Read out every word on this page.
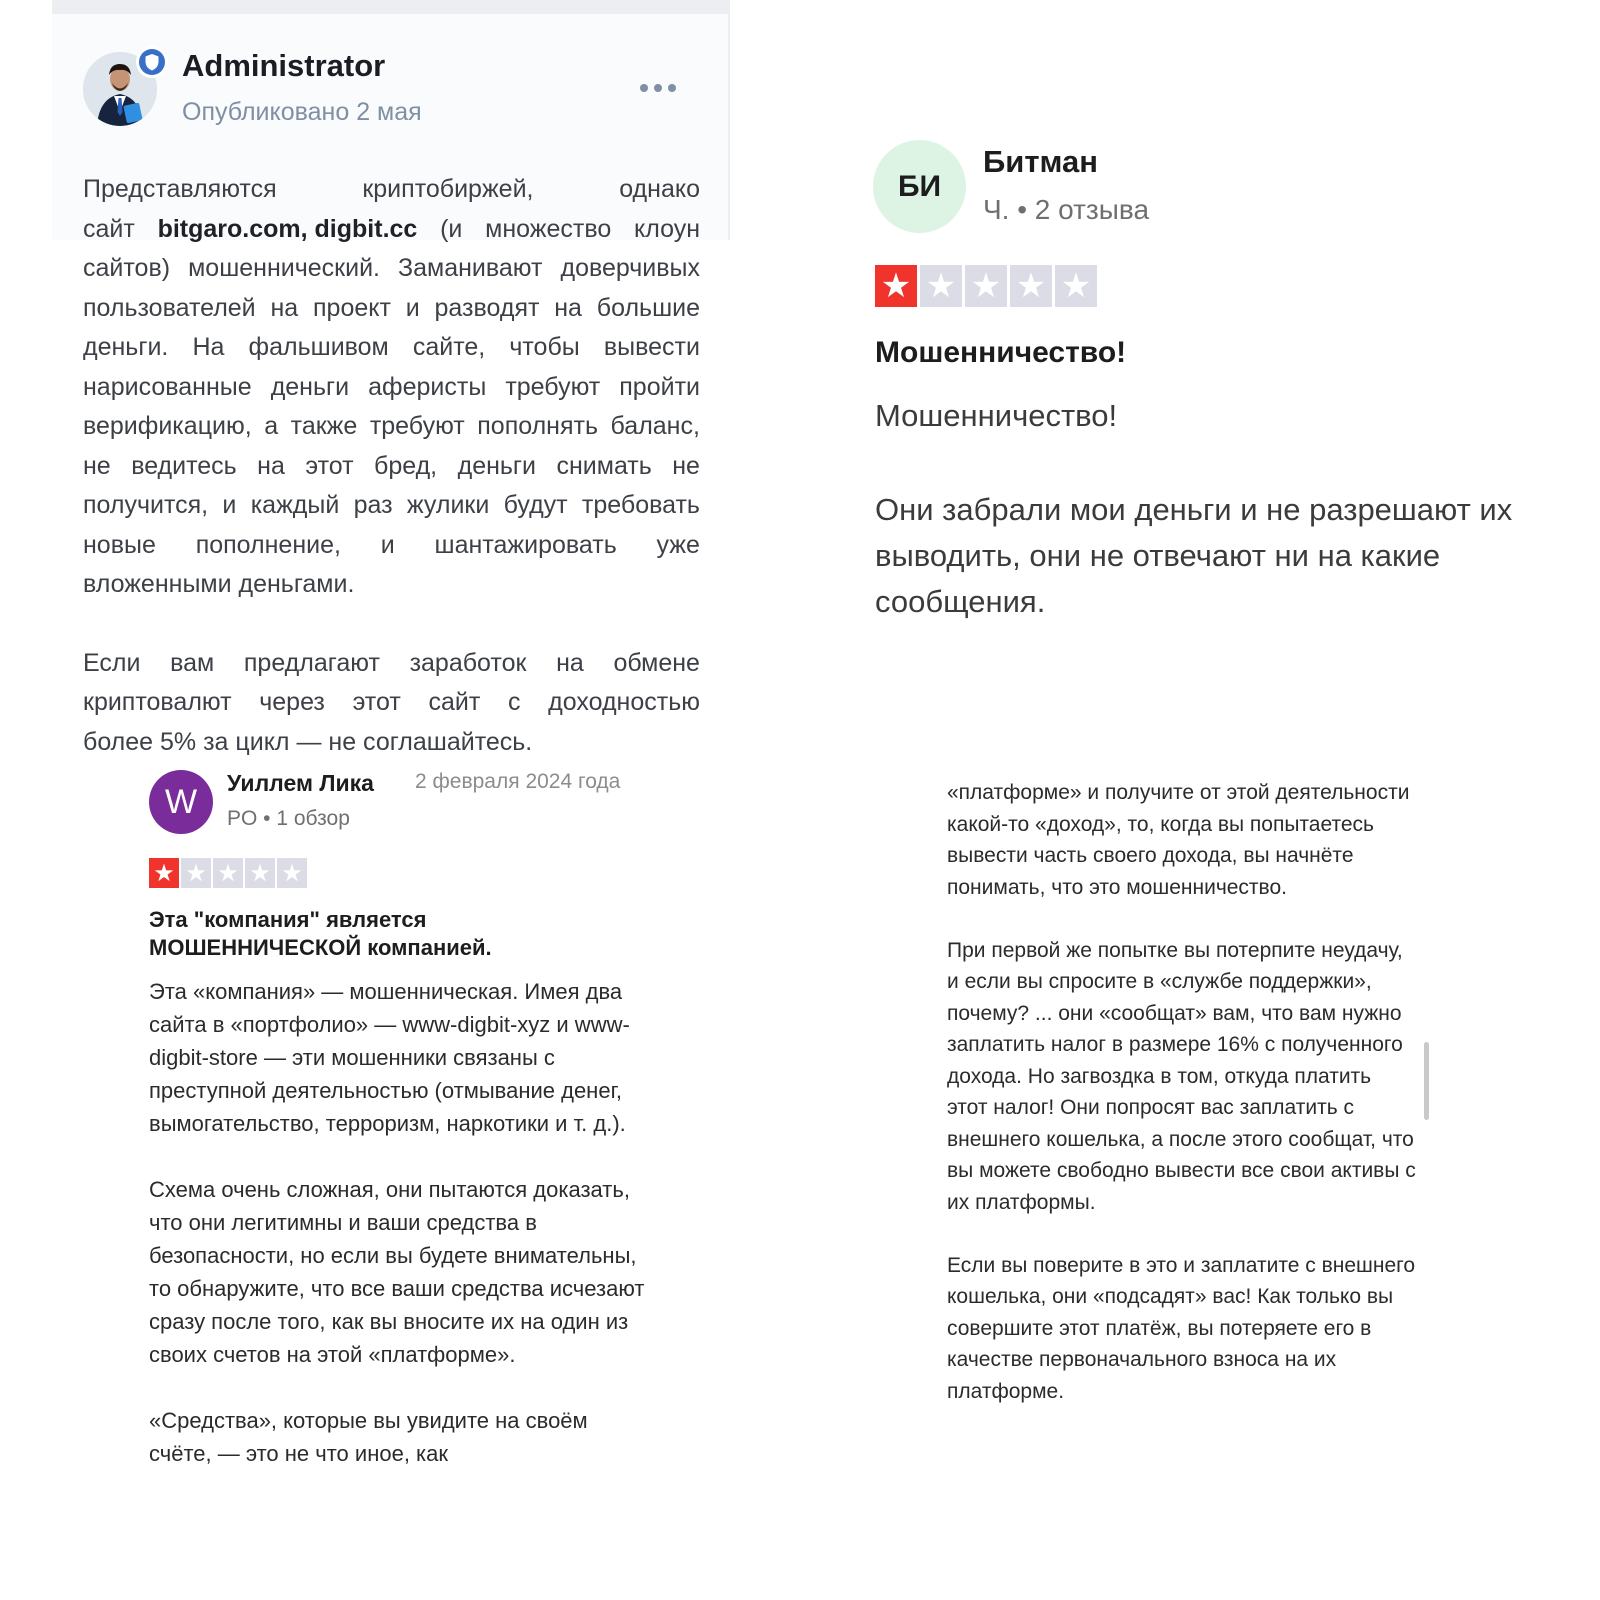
Administrator
Опубликовано 2 мая
Представляются	криптобиржей,	однако
сайт bitgaro.com, digbit.cc (и множество клоун
сайтов) мошеннический. Заманивают доверчивых
пользователей на проект и разводят на большие
деньги. На фальшивом сайте, чтобы вывести
нарисованные деньги аферисты требуют пройти
верификацию, а также требуют пополнять баланс,
не ведитесь на этот бред, деньги снимать не
получится, и каждый раз жулики будут требовать
новые пополнение, и шантажировать уже
вложенными деньгами.
Если вам предлагают заработок на обмене
криптовалют через этот сайт с доходностью
более 5% за цикл — не соглашайтесь.
БИ
Битман
Ч. • 2 отзыва
★ ★ ★ ★ ★
Мошенничество!
Мошенничество!
Они забрали мои деньги и не разрешают их выводить, они не отвечают ни на какие сообщения.
W	Уиллем Лика 2 февраля 2024 года
PO • 1 обзор
★ ★ ★ ★ ★
Эта "компания" является
МОШЕННИЧЕСКОЙ компанией.
Эта «компания» — мошенническая. Имея два сайта в «портфолио» — www-digbit-xyz и www-digbit-store — эти мошенники связаны с преступной деятельностью (отмывание денег, вымогательство, терроризм, наркотики и т. д.).
Схема очень сложная, они пытаются доказать, что они легитимны и ваши средства в безопасности, но если вы будете внимательны, то обнаружите, что все ваши средства исчезают сразу после того, как вы вносите их на один из своих счетов на этой «платформе».
«Средства», которые вы увидите на своём счёте, — это не что иное, как
«платформе» и получите от этой деятельности какой-то «доход», то, когда вы попытаетесь вывести часть своего дохода, вы начнёте понимать, что это мошенничество.
При первой же попытке вы потерпите неудачу, и если вы спросите в «службе поддержки», почему? ... они «сообщат» вам, что вам нужно заплатить налог в размере 16% с полученного дохода. Но загвоздка в том, откуда платить этот налог! Они попросят вас заплатить с внешнего кошелька, а после этого сообщат, что вы можете свободно вывести все свои активы с их платформы.
Если вы поверите в это и заплатите с внешнего кошелька, они «подсадят» вас! Как только вы совершите этот платёж, вы потеряете его в качестве первоначального взноса на их платформе.
